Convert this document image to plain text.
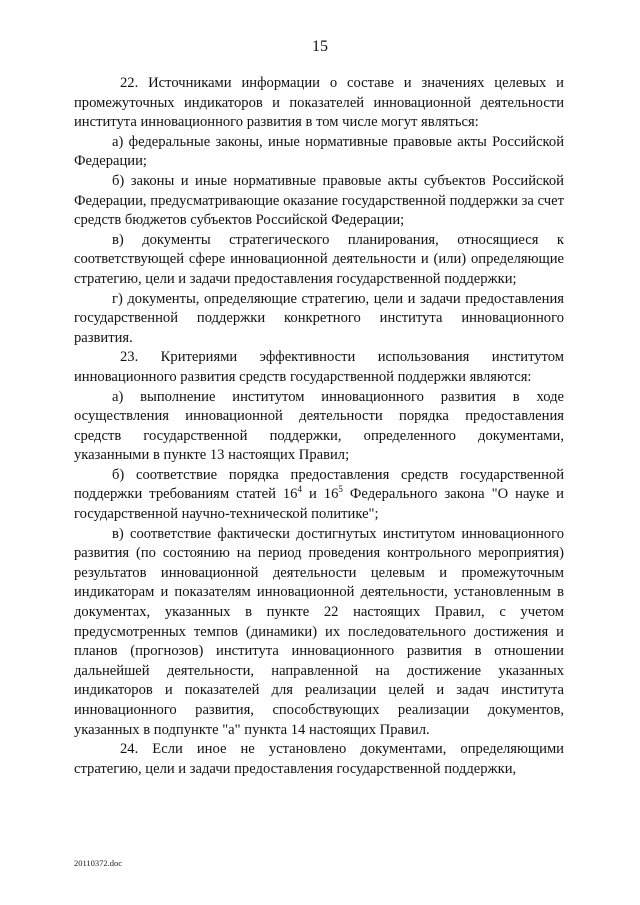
15

22. Источниками информации о составе и значениях целевых и промежуточных индикаторов и показателей инновационной деятельности института инновационного развития в том числе могут являться:

а) федеральные законы, иные нормативные правовые акты Российской Федерации;

б) законы и иные нормативные правовые акты субъектов Российской Федерации, предусматривающие оказание государственной поддержки за счет средств бюджетов субъектов Российской Федерации;

в) документы стратегического планирования, относящиеся к соответствующей сфере инновационной деятельности и (или) определяющие стратегию, цели и задачи предоставления государственной поддержки;

г) документы, определяющие стратегию, цели и задачи предоставления государственной поддержки конкретного института инновационного развития.

23. Критериями эффективности использования институтом инновационного развития средств государственной поддержки являются:

а) выполнение институтом инновационного развития в ходе осуществления инновационной деятельности порядка предоставления средств государственной поддержки, определенного документами, указанными в пункте 13 настоящих Правил;

б) соответствие порядка предоставления средств государственной поддержки требованиям статей $16^4$ и $16^5$ Федерального закона "О науке и государственной научно-технической политике";

в) соответствие фактически достигнутых институтом инновационного развития (по состоянию на период проведения контрольного мероприятия) результатов инновационной деятельности целевым и промежуточным индикаторам и показателям инновационной деятельности, установленным в документах, указанных в пункте 22 настоящих Правил, с учетом предусмотренных темпов (динамики) их последовательного достижения и планов (прогнозов) института инновационного развития в отношении дальнейшей деятельности, направленной на достижение указанных индикаторов и показателей для реализации целей и задач института инновационного развития, способствующих реализации документов, указанных в подпункте "а" пункта 14 настоящих Правил.

24. Если иное не установлено документами, определяющими стратегию, цели и задачи предоставления государственной поддержки,

20110372.doc
